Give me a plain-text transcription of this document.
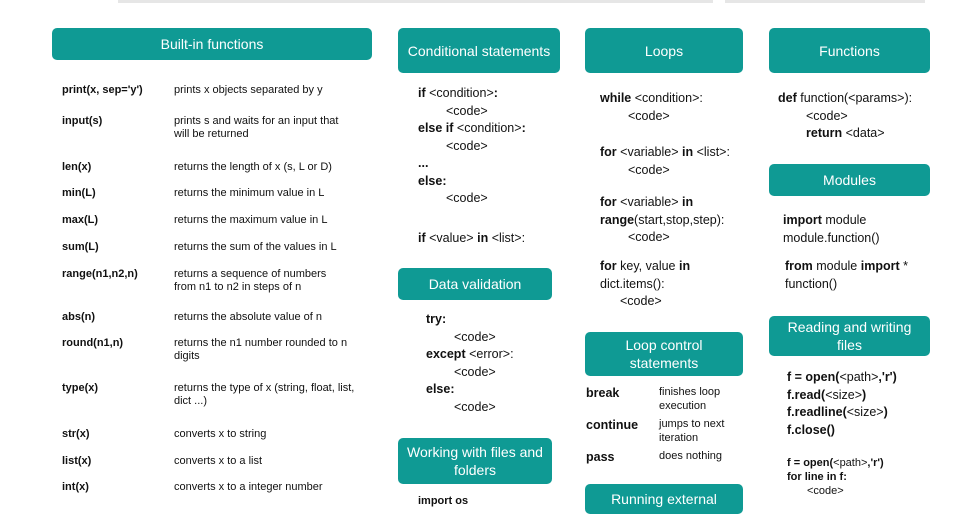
Built-in functions
print(x, sep='y')	prints x objects separated by y
input(s)	prints s and waits for an input that will be returned
len(x)	returns the length of x (s, L or D)
min(L)	returns the minimum value in L
max(L)	returns the maximum value in L
sum(L)	returns the sum of the values in L
range(n1,n2,n)	returns a sequence of numbers from n1 to n2 in steps of n
abs(n)	returns the absolute value of n
round(n1,n)	returns the n1 number rounded to n digits
type(x)	returns the type of x (string, float, list, dict ...)
str(x)	converts x to string
list(x)	converts x to a list
int(x)	converts x to a integer number
Conditional statements
if <condition>:
<code>
else if <condition>:
<code>
...
else:
<code>
if <value> in <list>:
Data validation
try:
<code>
except <error>:
<code>
else:
<code>
Working with files and folders
import os
Loops
while <condition>:
<code>
for <variable> in <list>:
<code>
for <variable> in
range(start,stop,step):
<code>
for key, value in
dict.items():
<code>
Loop control statements
break	finishes loop execution
continue jumps to next iteration
pass	does nothing
Running external
Functions
def function(<params>):
<code>
return <data>
Modules
import module
module.function()
from module import *
function()
Reading and writing files
f = open(<path>,'r')
f.read(<size>)
f.readline(<size>)
f.close()
f = open(<path>,'r')
for line in f:
<code>
